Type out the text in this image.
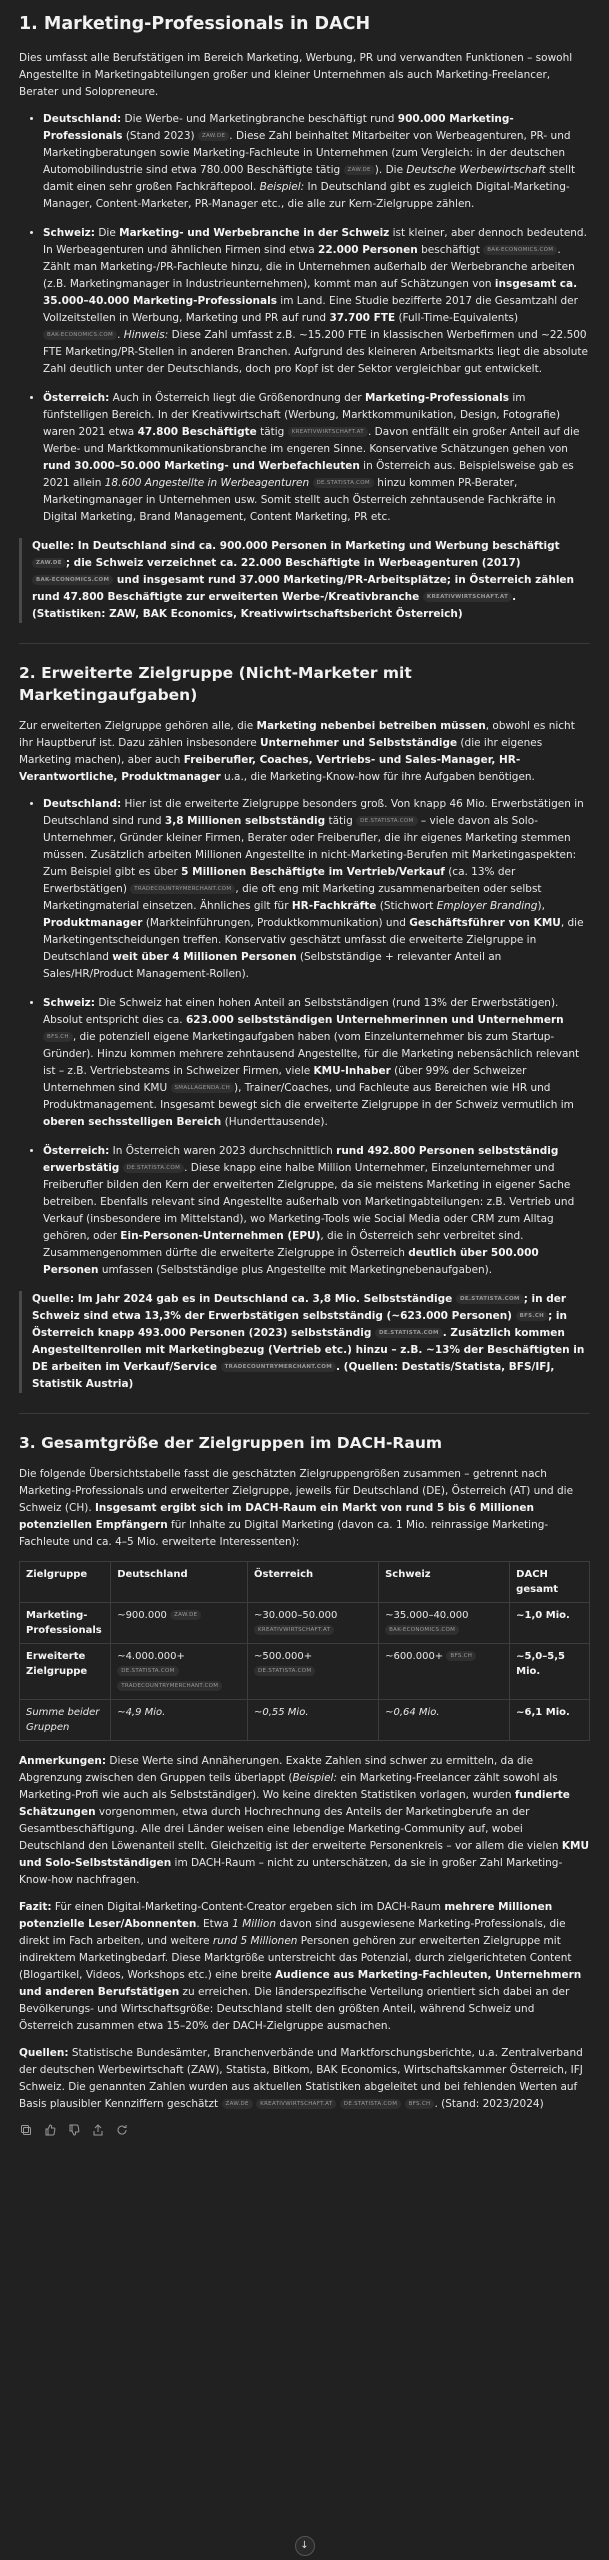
1. Marketing-Professionals in DACH

Dies umfasst alle Berufstätigen im Bereich Marketing, Werbung, PR und verwandten Funktionen – sowohl Angestellte in Marketingabteilungen großer und kleiner Unternehmen als auch Marketing-Freelancer, Berater und Solopreneure.

• Deutschland: Die Werbe- und Marketingbranche beschäftigt rund 900.000 Marketing-Professionals (Stand 2023) ZAW.DE . Diese Zahl beinhaltet Mitarbeiter von Werbeagenturen, PR- und Marketingberatungen sowie Marketing-Fachleute in Unternehmen (zum Vergleich: in der deutschen Automobilindustrie sind etwa 780.000 Beschäftigte tätig ZAW.DE ). Die Deutsche Werbewirtschaft stellt damit einen sehr großen Fachkräftepool. Beispiel: In Deutschland gibt es zugleich Digital-Marketing-Manager, Content-Marketer, PR-Manager etc., die alle zur Kern-Zielgruppe zählen.
• Schweiz: Die Marketing- und Werbebranche in der Schweiz ist kleiner, aber dennoch bedeutend. In Werbeagenturen und ähnlichen Firmen sind etwa 22.000 Personen beschäftigt BAK-ECONOMICS.COM . Zählt man Marketing-/PR-Fachleute hinzu, die in Unternehmen außerhalb der Werbebranche arbeiten (z.B. Marketingmanager in Industrieunternehmen), kommt man auf Schätzungen von insgesamt ca. 35.000–40.000 Marketing-Professionals im Land. Eine Studie bezifferte 2017 die Gesamtzahl der Vollzeitstellen in Werbung, Marketing und PR auf rund 37.700 FTE (Full-Time-Equivalents) BAK-ECONOMICS.COM . Hinweis: Diese Zahl umfasst z.B. ~15.200 FTE in klassischen Werbefirmen und ~22.500 FTE Marketing/PR-Stellen in anderen Branchen. Aufgrund des kleineren Arbeitsmarkts liegt die absolute Zahl deutlich unter der Deutschlands, doch pro Kopf ist der Sektor vergleichbar gut entwickelt.
• Österreich: Auch in Österreich liegt die Größenordnung der Marketing-Professionals im fünfstelligen Bereich. In der Kreativwirtschaft (Werbung, Marktkommunikation, Design, Fotografie) waren 2021 etwa 47.800 Beschäftigte tätig KREATIVWIRTSCHAFT.AT . Davon entfällt ein großer Anteil auf die Werbe- und Marktkommunikationsbranche im engeren Sinne. Konservative Schätzungen gehen von rund 30.000–50.000 Marketing- und Werbefachleuten in Österreich aus. Beispielsweise gab es 2021 allein 18.600 Angestellte in Werbeagenturen DE.STATISTA.COM hinzu kommen PR-Berater, Marketingmanager in Unternehmen usw. Somit stellt auch Österreich zehntausende Fachkräfte in Digital Marketing, Brand Management, Content Marketing, PR etc.
Quelle: In Deutschland sind ca. 900.000 Personen in Marketing und Werbung beschäftigt ZAW.DE ; die Schweiz verzeichnet ca. 22.000 Beschäftigte in Werbeagenturen (2017) BAK-ECONOMICS.COM und insgesamt rund 37.000 Marketing/PR-Arbeitsplätze; in Österreich zählen rund 47.800 Beschäftigte zur erweiterten Werbe-/Kreativbranche KREATIVWIRTSCHAFT.AT . (Statistiken: ZAW, BAK Economics, Kreativwirtschaftsbericht Österreich)
2. Erweiterte Zielgruppe (Nicht-Marketer mit Marketingaufgaben)

Zur erweiterten Zielgruppe gehören alle, die Marketing nebenbei betreiben müssen, obwohl es nicht ihr Hauptberuf ist. Dazu zählen insbesondere Unternehmer und Selbstständige (die ihr eigenes Marketing machen), aber auch Freiberufler, Coaches, Vertriebs- und Sales-Manager, HR-Verantwortliche, Produktmanager u.a., die Marketing-Know-how für ihre Aufgaben benötigen.

• Deutschland: Hier ist die erweiterte Zielgruppe besonders groß. Von knapp 46 Mio. Erwerbstätigen in Deutschland sind rund 3,8 Millionen selbstständig tätig DE.STATISTA.COM – viele davon als Solo-Unternehmer, Gründer kleiner Firmen, Berater oder Freiberufler, die ihr eigenes Marketing stemmen müssen. Zusätzlich arbeiten Millionen Angestellte in nicht-Marketing-Berufen mit Marketingaspekten: Zum Beispiel gibt es über 5 Millionen Beschäftigte im Vertrieb/Verkauf (ca. 13% der Erwerbstätigen) TRADECOUNTRYMERCHANT.COM , die oft eng mit Marketing zusammenarbeiten oder selbst Marketingmaterial einsetzen. Ähnliches gilt für HR-Fachkräfte (Stichwort Employer Branding), Produktmanager (Markteinführungen, Produktkommunikation) und Geschäftsführer von KMU, die Marketingentscheidungen treffen. Konservativ geschätzt umfasst die erweiterte Zielgruppe in Deutschland weit über 4 Millionen Personen (Selbstständige + relevanter Anteil an Sales/HR/Product Management-Rollen).
• Schweiz: Die Schweiz hat einen hohen Anteil an Selbstständigen (rund 13% der Erwerbstätigen). Absolut entspricht dies ca. 623.000 selbstständigen Unternehmerinnen und Unternehmern BFS.CH , die potenziell eigene Marketingaufgaben haben (vom Einzelunternehmer bis zum Startup-Gründer). Hinzu kommen mehrere zehntausend Angestellte, für die Marketing nebensächlich relevant ist – z.B. Vertriebsteams in Schweizer Firmen, viele KMU-Inhaber (über 99% der Schweizer Unternehmen sind KMU SMALLAGENDA.CH ), Trainer/Coaches, und Fachleute aus Bereichen wie HR und Produktmanagement. Insgesamt bewegt sich die erweiterte Zielgruppe in der Schweiz vermutlich im oberen sechsstelligen Bereich (Hunderttausende).
• Österreich: In Österreich waren 2023 durchschnittlich rund 492.800 Personen selbstständig erwerbstätig DE.STATISTA.COM . Diese knapp eine halbe Million Unternehmer, Einzelunternehmer und Freiberufler bilden den Kern der erweiterten Zielgruppe, da sie meistens Marketing in eigener Sache betreiben. Ebenfalls relevant sind Angestellte außerhalb von Marketingabteilungen: z.B. Vertrieb und Verkauf (insbesondere im Mittelstand), wo Marketing-Tools wie Social Media oder CRM zum Alltag gehören, oder Ein-Personen-Unternehmen (EPU), die in Österreich sehr verbreitet sind. Zusammengenommen dürfte die erweiterte Zielgruppe in Österreich deutlich über 500.000 Personen umfassen (Selbstständige plus Angestellte mit Marketingnebenaufgaben).
Quelle: Im Jahr 2024 gab es in Deutschland ca. 3,8 Mio. Selbstständige DE.STATISTA.COM ; in der Schweiz sind etwa 13,3% der Erwerbstätigen selbstständig (~623.000 Personen) BFS.CH ; in Österreich knapp 493.000 Personen (2023) selbstständig DE.STATISTA.COM . Zusätzlich kommen Angestelltenrollen mit Marketingbezug (Vertrieb etc.) hinzu – z.B. ~13% der Beschäftigten in DE arbeiten im Verkauf/Service TRADECOUNTRYMERCHANT.COM . (Quellen: Destatis/Statista, BFS/IFJ, Statistik Austria)
3. Gesamtgröße der Zielgruppen im DACH-Raum

Die folgende Übersichtstabelle fasst die geschätzten Zielgruppengrößen zusammen – getrennt nach Marketing-Professionals und erweiterter Zielgruppe, jeweils für Deutschland (DE), Österreich (AT) und die Schweiz (CH). Insgesamt ergibt sich im DACH-Raum ein Markt von rund 5 bis 6 Millionen potenziellen Empfängern für Inhalte zu Digital Marketing (davon ca. 1 Mio. reinrassige Marketing-Fachleute und ca. 4–5 Mio. erweiterte Interessenten):

Zielgruppe	Deutschland	Österreich	Schweiz	DACH gesamt
Marketing-Professionals	~900.000 ZAW.DE	~30.000–50.000 KREATIVWIRTSCHAFT.AT	~35.000–40.000 BAK-ECONOMICS.COM	~1,0 Mio.
Erweiterte Zielgruppe	~4.000.000+ DE.STATISTA.COM TRADECOUNTRYMERCHANT.COM	~500.000+ DE.STATISTA.COM	~600.000+ BFS.CH	~5,0–5,5 Mio.
Summe beider Gruppen	~4,9 Mio.	~0,55 Mio.	~0,64 Mio.	~6,1 Mio.

Anmerkungen: Diese Werte sind Annäherungen. Exakte Zahlen sind schwer zu ermitteln, da die Abgrenzung zwischen den Gruppen teils überlappt (Beispiel: ein Marketing-Freelancer zählt sowohl als Marketing-Profi wie auch als Selbstständiger). Wo keine direkten Statistiken vorlagen, wurden fundierte Schätzungen vorgenommen, etwa durch Hochrechnung des Anteils der Marketingberufe an der Gesamtbeschäftigung. Alle drei Länder weisen eine lebendige Marketing-Community auf, wobei Deutschland den Löwenanteil stellt. Gleichzeitig ist der erweiterte Personenkreis – vor allem die vielen KMU und Solo-Selbstständigen im DACH-Raum – nicht zu unterschätzen, da sie in großer Zahl Marketing-Know-how nachfragen.

Fazit: Für einen Digital-Marketing-Content-Creator ergeben sich im DACH-Raum mehrere Millionen potenzielle Leser/Abonnenten. Etwa 1 Million davon sind ausgewiesene Marketing-Professionals, die direkt im Fach arbeiten, und weitere rund 5 Millionen Personen gehören zur erweiterten Zielgruppe mit indirektem Marketingbedarf. Diese Marktgröße unterstreicht das Potenzial, durch zielgerichteten Content (Blogartikel, Videos, Workshops etc.) eine breite Audience aus Marketing-Fachleuten, Unternehmern und anderen Berufstätigen zu erreichen. Die länderspezifische Verteilung orientiert sich dabei an der Bevölkerungs- und Wirtschaftsgröße: Deutschland stellt den größten Anteil, während Schweiz und Österreich zusammen etwa 15–20% der DACH-Zielgruppe ausmachen.

Quellen: Statistische Bundesämter, Branchenverbände und Marktforschungsberichte, u.a. Zentralverband der deutschen Werbewirtschaft (ZAW), Statista, Bitkom, BAK Economics, Wirtschaftskammer Österreich, IFJ Schweiz. Die genannten Zahlen wurden aus aktuellen Statistiken abgeleitet und bei fehlenden Werten auf Basis plausibler Kennziffern geschätzt ZAW.DE KREATIVWIRTSCHAFT.AT DE.STATISTA.COM BFS.CH . (Stand: 2023/2024)

↓
